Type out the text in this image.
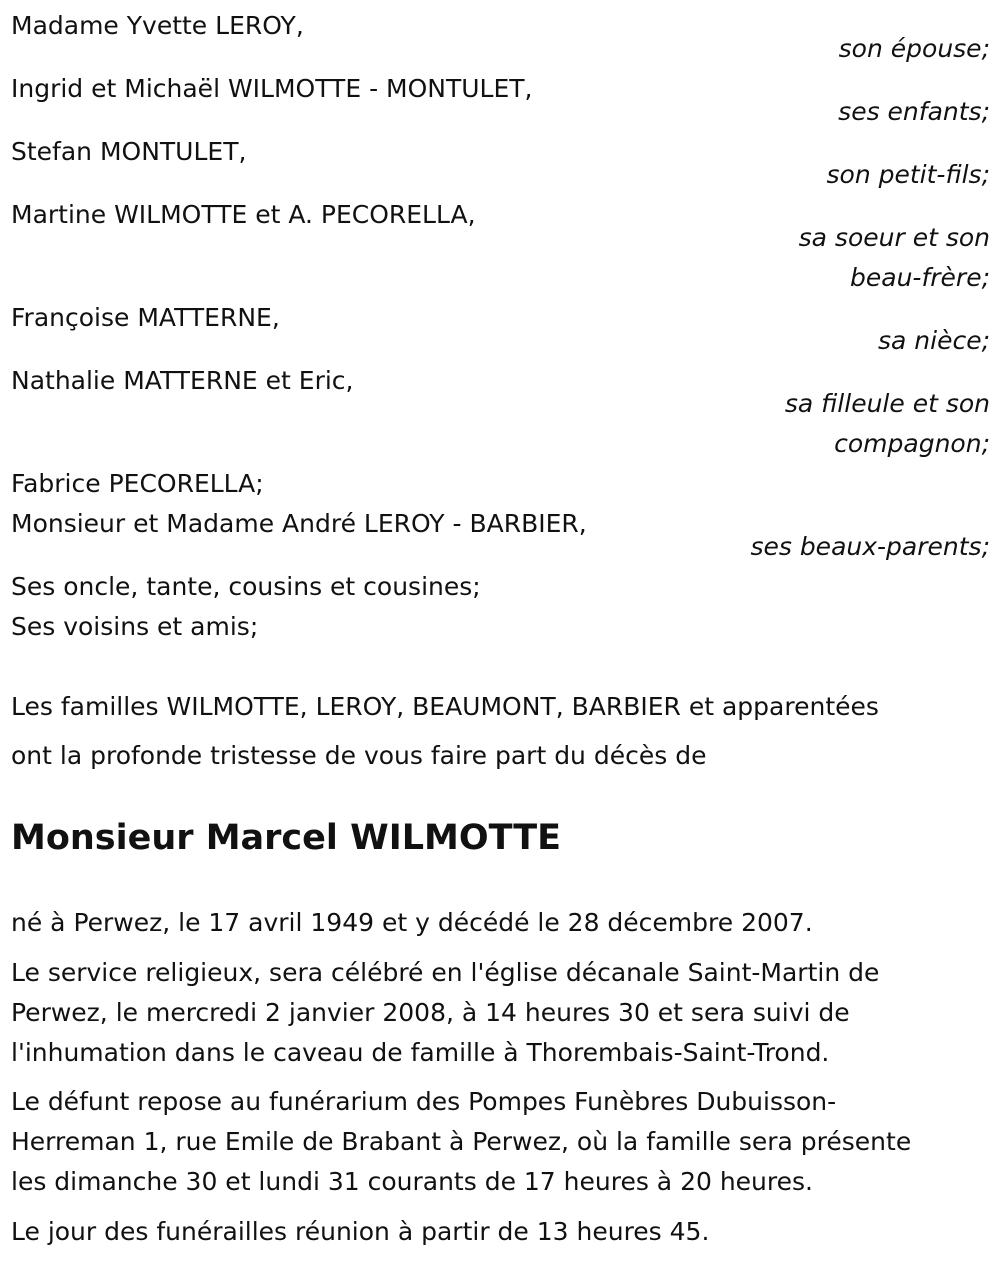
Madame Yvette LEROY,
son épouse;
Ingrid et Michaël WILMOTTE - MONTULET,
ses enfants;
Stefan MONTULET,
son petit-fils;
Martine WILMOTTE et A. PECORELLA,
sa soeur et son
beau-frère;
Françoise MATTERNE,
sa nièce;
Nathalie MATTERNE et Eric,
sa filleule et son
compagnon;
Fabrice PECORELLA;
Monsieur et Madame André LEROY - BARBIER,
ses beaux-parents;
Ses oncle, tante, cousins et cousines;
Ses voisins et amis;
Les familles WILMOTTE, LEROY, BEAUMONT, BARBIER et apparentées
ont la profonde tristesse de vous faire part du décès de
Monsieur Marcel WILMOTTE
né à Perwez, le 17 avril 1949 et y décédé le 28 décembre 2007.
Le service religieux, sera célébré en l'église décanale Saint-Martin de
Perwez, le mercredi 2 janvier 2008, à 14 heures 30 et sera suivi de
l'inhumation dans le caveau de famille à Thorembais-Saint-Trond.
Le défunt repose au funérarium des Pompes Funèbres Dubuisson-
Herreman 1, rue Emile de Brabant à Perwez, où la famille sera présente
les dimanche 30 et lundi 31 courants de 17 heures à 20 heures.
Le jour des funérailles réunion à partir de 13 heures 45.
